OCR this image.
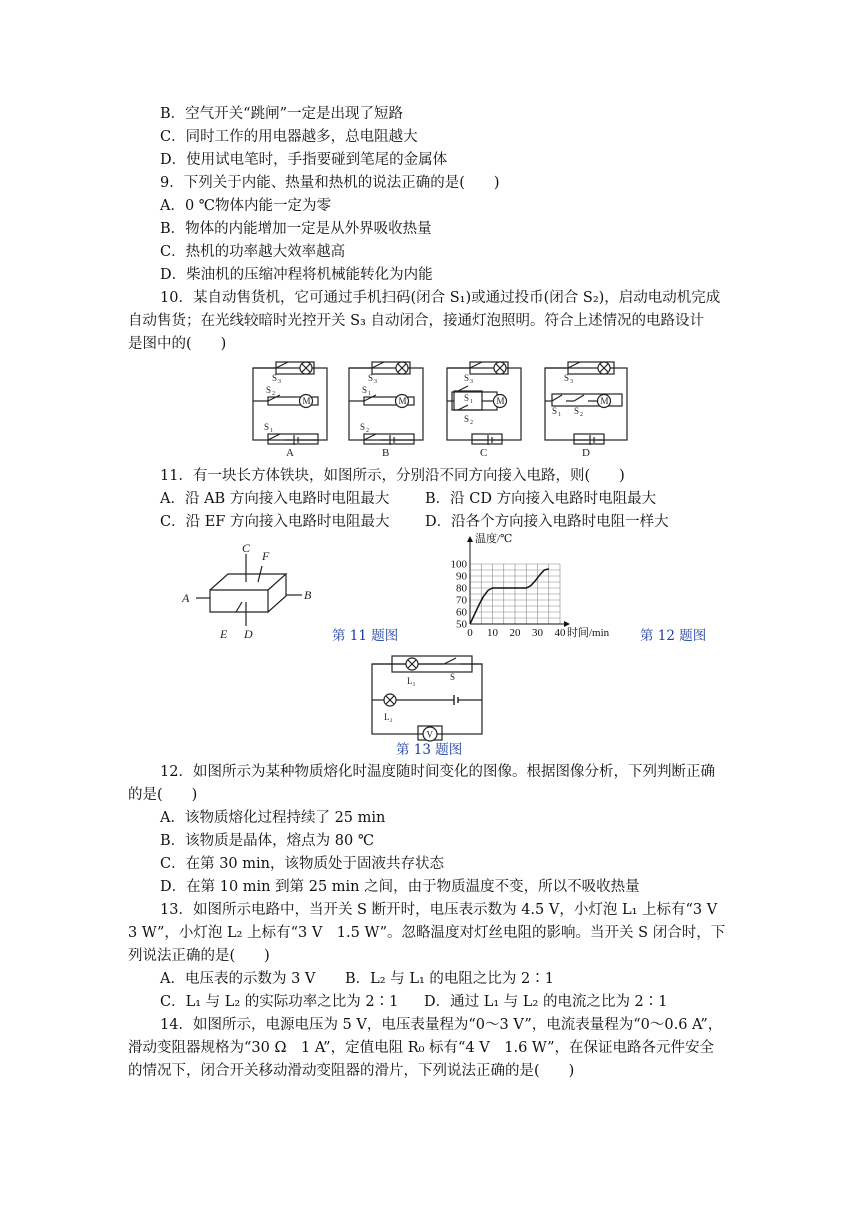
B．空气开关“跳闸”一定是出现了短路
C．同时工作的用电器越多，总电阻越大
D．使用试电笔时，手指要碰到笔尾的金属体
9．下列关于内能、热量和热机的说法正确的是(　　)
A．0 ℃物体内能一定为零
B．物体的内能增加一定是从外界吸收热量
C．热机的功率越大效率越高
D．柴油机的压缩冲程将机械能转化为内能
10．某自动售货机，它可通过手机扫码(闭合 S₁)或通过投币(闭合 S₂)，启动电动机完成
自动售货；在光线较暗时光控开关 S₃ 自动闭合，接通灯泡照明。符合上述情况的电路设计
是图中的(　　)
S 3
M
S 2
S 1
A
S 3
M
S 1
S 2
B
S 3
M
S 1
S 2
C
S 3
M
S 1 S 2
D
11．有一块长方体铁块，如图所示，分别沿不同方向接入电路，则(　　)
A．沿 AB 方向接入电路时电阻最大 B．沿 CD 方向接入电路时电阻最大
C．沿 EF 方向接入电路时电阻最大 D．沿各个方向接入电路时电阻一样大
A	B
C
D
E
F
第 11 题图
50
60
70
80
90
100
0 10 20 30 40
温度/℃
时间/min 第 12 题图
L₁	S
L₂
V
第 13 题图
12．如图所示为某种物质熔化时温度随时间变化的图像。根据图像分析，下列判断正确
的是(　　)
A．该物质熔化过程持续了 25 min
B．该物质是晶体，熔点为 80 ℃
C．在第 30 min，该物质处于固液共存状态
D．在第 10 min 到第 25 min 之间，由于物质温度不变，所以不吸收热量
13．如图所示电路中，当开关 S 断开时，电压表示数为 4.5 V，小灯泡 L₁ 上标有“3 V
3 W”，小灯泡 L₂ 上标有“3 V　1.5 W”。忽略温度对灯丝电阻的影响。当开关 S 闭合时，下
列说法正确的是(　　)
A．电压表的示数为 3 V B．L₂ 与 L₁ 的电阻之比为 2∶1
C．L₁ 与 L₂ 的实际功率之比为 2∶1 D．通过 L₁ 与 L₂ 的电流之比为 2∶1
14．如图所示，电源电压为 5 V，电压表量程为“0～3 V”，电流表量程为“0～0.6 A”，
滑动变阻器规格为“30 Ω　1 A”，定值电阻 R₀ 标有“4 V　1.6 W”，在保证电路各元件安全
的情况下，闭合开关移动滑动变阻器的滑片，下列说法正确的是(　　)
